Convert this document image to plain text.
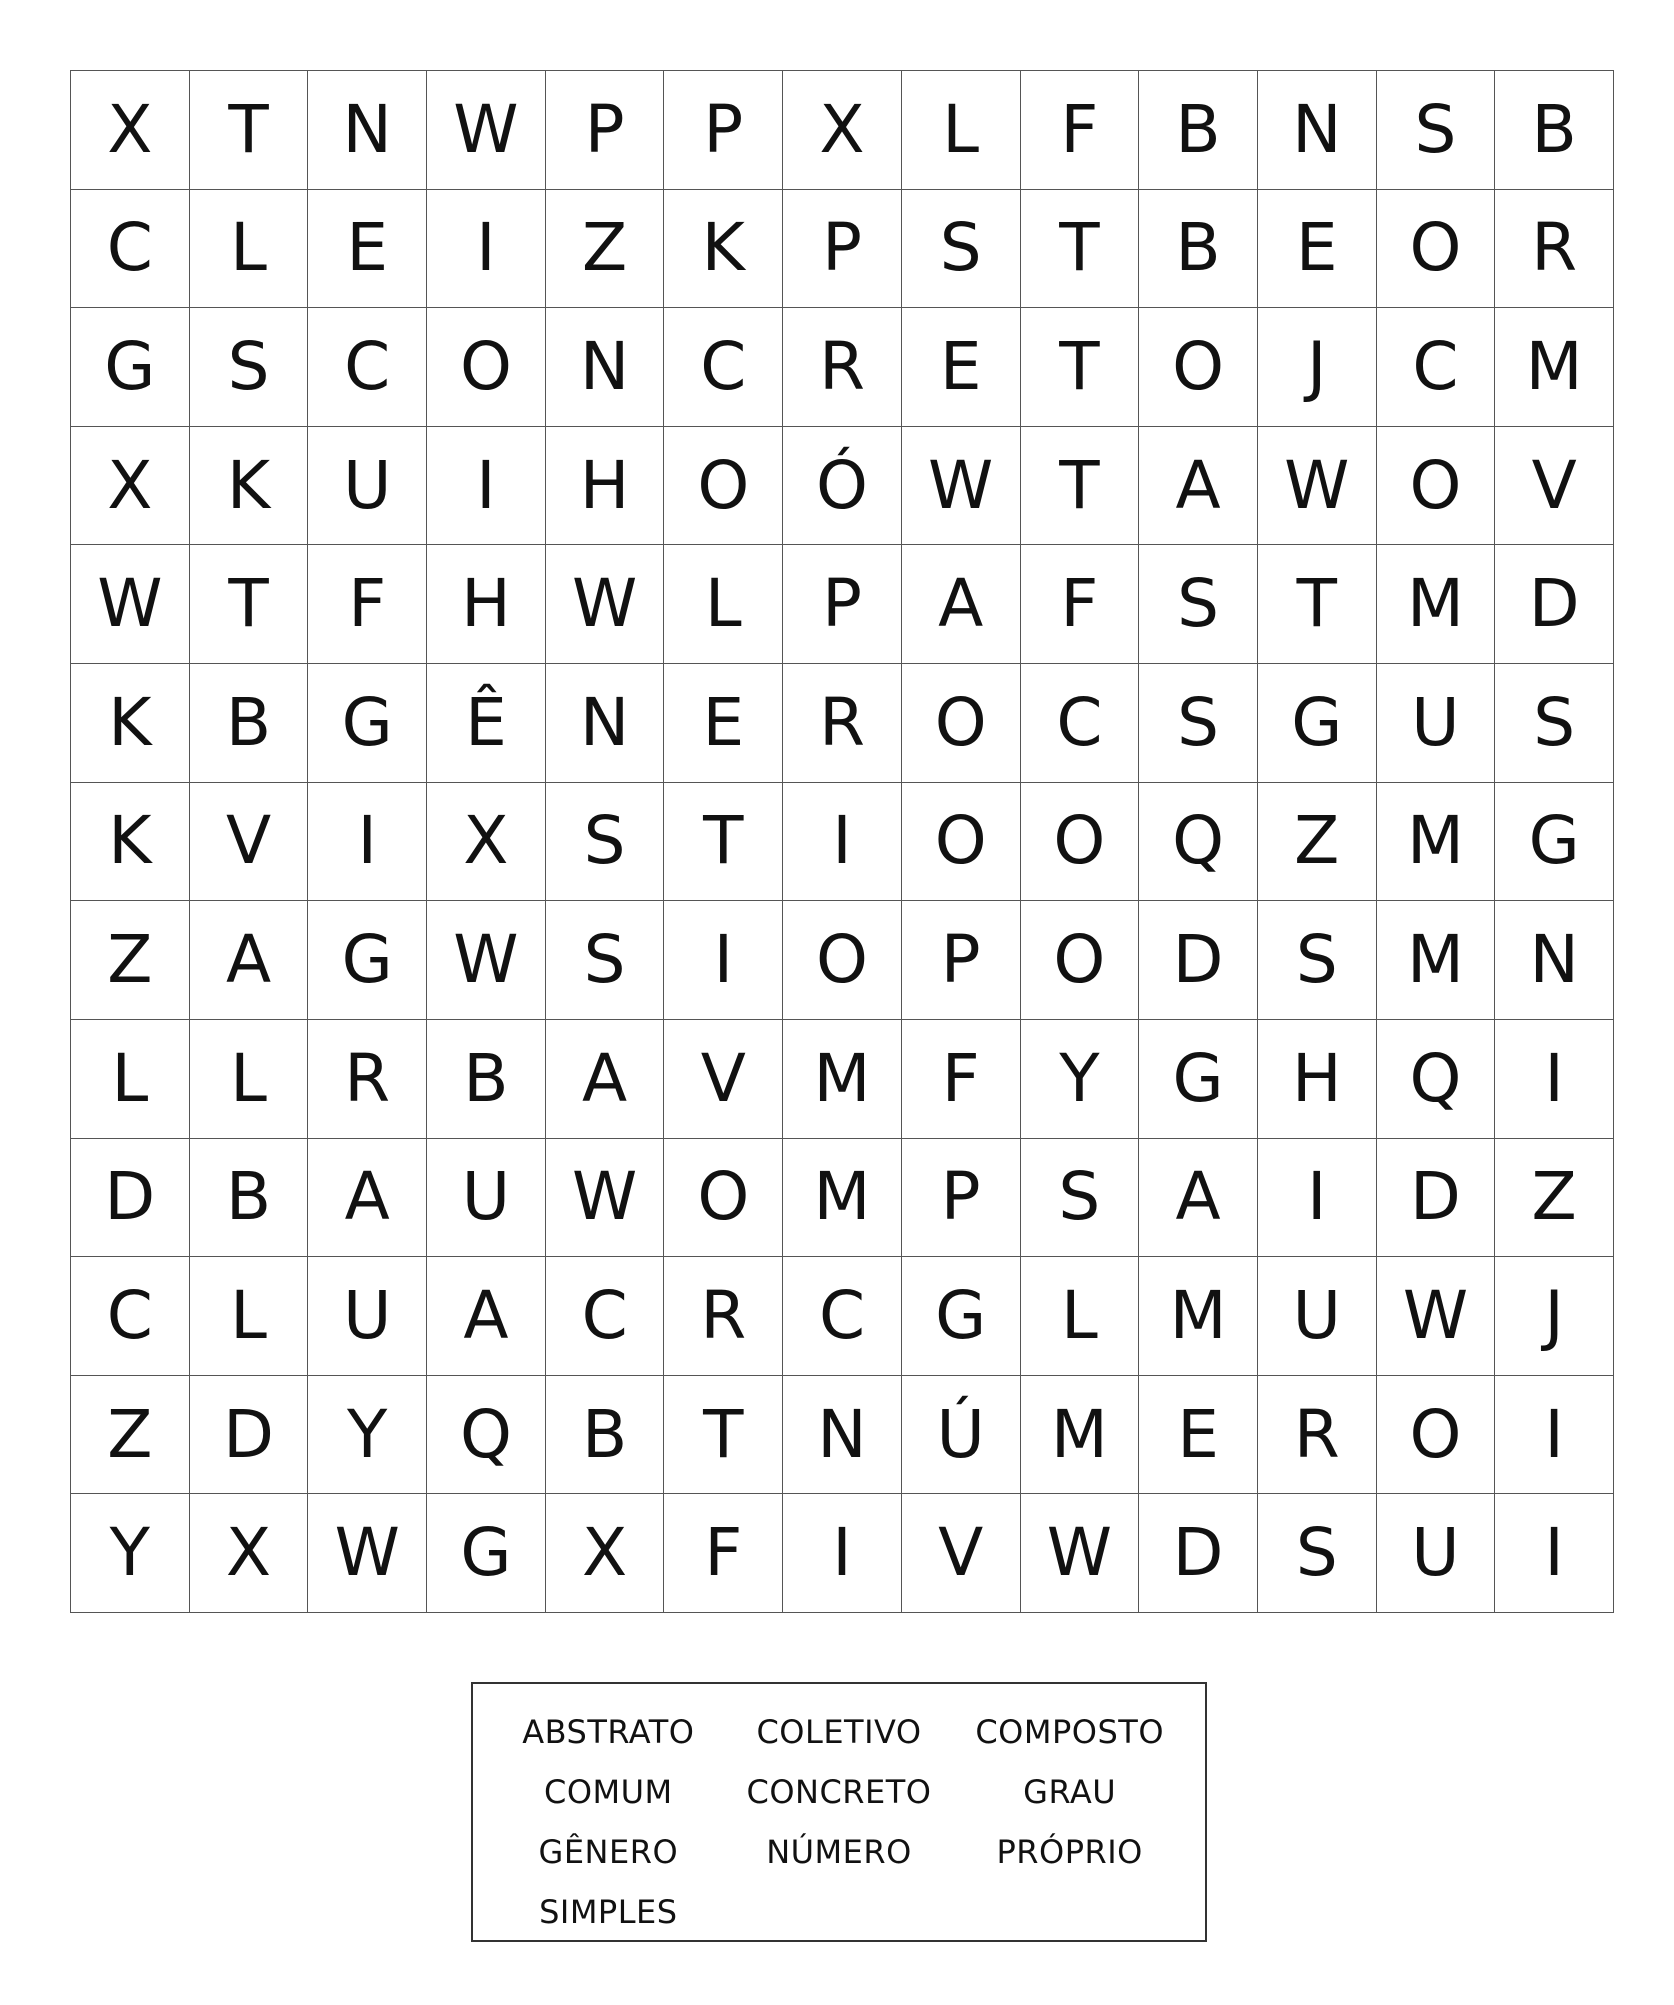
X	T	N W	P	P	X	L	F	B	N	S	B
C	L	E	I	Z	K	P	S	T	B	E	O	R
G	S	C	O	N	C	R	E	T	O	J	C	M
X	K	U	I	H	O	Ó W T	A W O	V
W T	F	H W	L	P	A	F	S	T	M D
K	B	G	Ê	N	E	R	O	C	S	G	U	S
K	V	I	X	S	T	I	O	O	Q	Z	M G
Z	A	G W S	I	O	P	O	D	S	M N
L	L	R	B	A	V	M	F	Y	G	H	Q	I
D	B	A	U W O M	P	S	A	I	D	Z
C	L	U	A	C	R	C	G	L	M	U W	J
Z	D	Y	Q	B	T	N	Ú	M	E	R	O	I
Y	X W G	X	F	I	V W D	S	U	I
ABSTRATO	COLETIVO	COMPOSTO
COMUM	CONCRETO	GRAU
GÊNERO	NÚMERO	PRÓPRIO
SIMPLES
